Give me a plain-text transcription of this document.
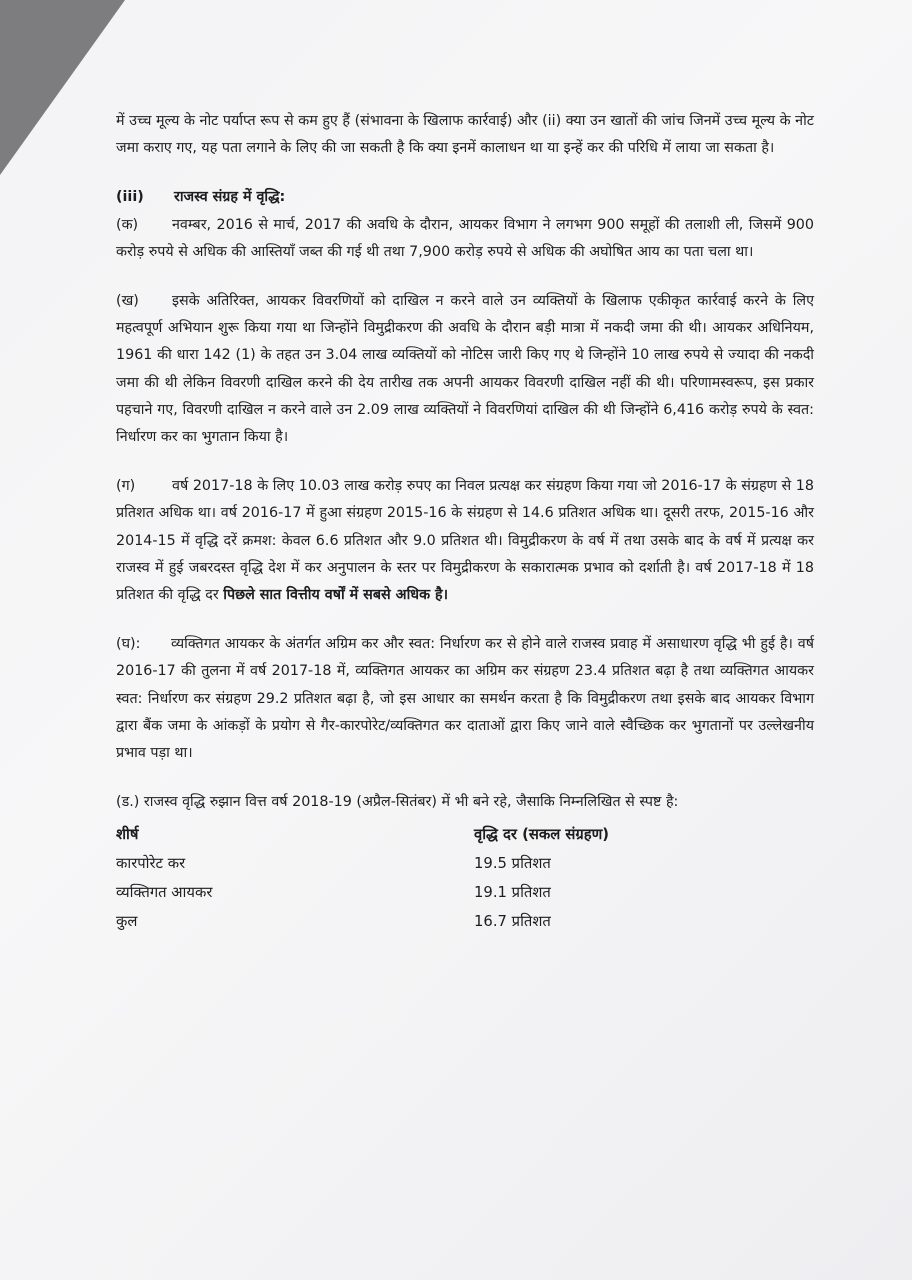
में उच्च मूल्य के नोट पर्याप्त रूप से कम हुए हैं (संभावना के खिलाफ कार्रवाई) और (ii) क्या उन खातों की जांच जिनमें उच्च मूल्य के नोट जमा कराए गए, यह पता लगाने के लिए की जा सकती है कि क्या इनमें कालाधन था या इन्हें कर की परिधि में लाया जा सकता है।

(iii) राजस्व संग्रह में वृद्धि:

(क) नवम्बर, 2016 से मार्च, 2017 की अवधि के दौरान, आयकर विभाग ने लगभग 900 समूहों की तलाशी ली, जिसमें 900 करोड़ रुपये से अधिक की आस्तियाँ जब्त की गई थी तथा 7,900 करोड़ रुपये से अधिक की अघोषित आय का पता चला था।

(ख) इसके अतिरिक्त, आयकर विवरणियों को दाखिल न करने वाले उन व्यक्तियों के खिलाफ एकीकृत कार्रवाई करने के लिए महत्वपूर्ण अभियान शुरू किया गया था जिन्होंने विमुद्रीकरण की अवधि के दौरान बड़ी मात्रा में नकदी जमा की थी। आयकर अधिनियम, 1961 की धारा 142 (1) के तहत उन 3.04 लाख व्यक्तियों को नोटिस जारी किए गए थे जिन्होंने 10 लाख रुपये से ज्यादा की नकदी जमा की थी लेकिन विवरणी दाखिल करने की देय तारीख तक अपनी आयकर विवरणी दाखिल नहीं की थी। परिणामस्वरूप, इस प्रकार पहचाने गए, विवरणी दाखिल न करने वाले उन 2.09 लाख व्यक्तियों ने विवरणियां दाखिल की थी जिन्होंने 6,416 करोड़ रुपये के स्वत: निर्धारण कर का भुगतान किया है।

(ग)	वर्ष 2017-18 के लिए 10.03 लाख करोड़ रुपए का निवल प्रत्यक्ष कर संग्रहण किया गया जो 2016-17 के संग्रहण से 18 प्रतिशत अधिक था। वर्ष 2016-17 में हुआ संग्रहण 2015-16 के संग्रहण से 14.6 प्रतिशत अधिक था। दूसरी तरफ, 2015-16 और 2014-15 में वृद्धि दरें क्रमश: केवल 6.6 प्रतिशत और 9.0 प्रतिशत थी। विमुद्रीकरण के वर्ष में तथा उसके बाद के वर्ष में प्रत्यक्ष कर राजस्व में हुई जबरदस्त वृद्धि देश में कर अनुपालन के स्तर पर विमुद्रीकरण के सकारात्मक प्रभाव को दर्शाती है। वर्ष 2017-18 में 18 प्रतिशत की वृद्धि दर पिछले सात वित्तीय वर्षों में सबसे अधिक है।

(घ): व्यक्तिगत आयकर के अंतर्गत अग्रिम कर और स्वत: निर्धारण कर से होने वाले राजस्व प्रवाह में असाधारण वृद्धि भी हुई है। वर्ष 2016-17 की तुलना में वर्ष 2017-18 में, व्यक्तिगत आयकर का अग्रिम कर संग्रहण 23.4 प्रतिशत बढ़ा है तथा व्यक्तिगत आयकर स्वत: निर्धारण कर संग्रहण 29.2 प्रतिशत बढ़ा है, जो इस आधार का समर्थन करता है कि विमुद्रीकरण तथा इसके बाद आयकर विभाग द्वारा बैंक जमा के आंकड़ों के प्रयोग से गैर-कारपोरेट/व्यक्तिगत कर दाताओं द्वारा किए जाने वाले स्वैच्छिक कर भुगतानों पर उल्लेखनीय प्रभाव पड़ा था।

(ड.) राजस्व वृद्धि रुझान वित्त वर्ष 2018-19 (अप्रैल-सितंबर) में भी बने रहे, जैसाकि निम्नलिखित से स्पष्ट है:

शीर्ष	वृद्धि दर (सकल संग्रहण)
कारपोरेट कर	19.5 प्रतिशत
व्यक्तिगत आयकर	19.1 प्रतिशत
कुल	16.7 प्रतिशत
